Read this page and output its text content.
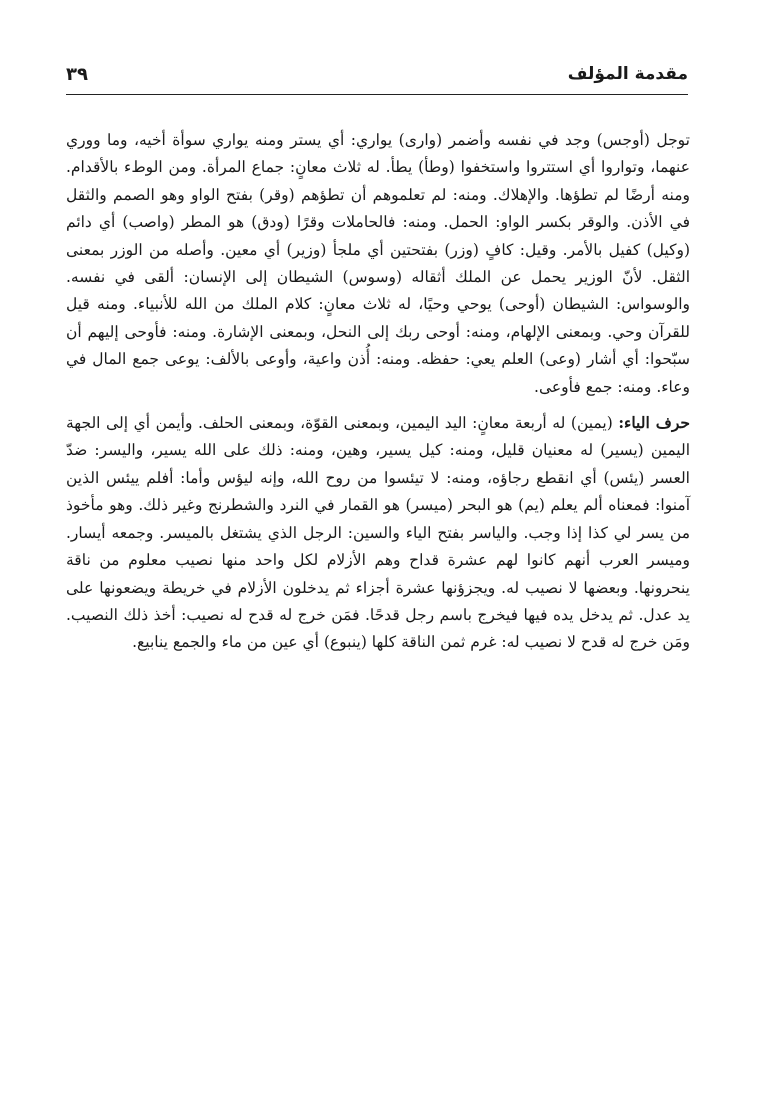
مقدمة المؤلف
٣٩

توجل (أوجس) وجد في نفسه وأضمر (وارى) يواري: أي يستر ومنه يواري سوأة أخيه، وما ووري عنهما، وتواروا أي استتروا واستخفوا (وطأ) يطأ. له ثلاث معانٍ: جماع المرأة. ومن الوطء بالأقدام. ومنه أرضًا لم تطؤها. والإهلاك. ومنه: لم تعلموهم أن تطؤهم (وقر) بفتح الواو وهو الصمم والثقل في الأذن. والوقر بكسر الواو: الحمل. ومنه: فالحاملات وقرًا (ودق) هو المطر (واصب) أي دائم (وكيل) كفيل بالأمر. وقيل: كافٍ (وزر) بفتحتين أي ملجأ (وزير) أي معين. وأصله من الوزر بمعنى الثقل. لأنّ الوزير يحمل عن الملك أثقاله (وسوس) الشيطان إلى الإنسان: ألقى في نفسه. والوسواس: الشيطان (أوحى) يوحي وحيًا، له ثلاث معانٍ: كلام الملك من الله للأنبياء. ومنه قيل للقرآن وحي. وبمعنى الإلهام، ومنه: أوحى ربك إلى النحل، وبمعنى الإشارة. ومنه: فأوحى إليهم أن سبّحوا: أي أشار (وعى) العلم يعي: حفظه. ومنه: أُذن واعية، وأوعى بالألف: يوعى جمع المال في وعاء. ومنه: جمع فأوعى.

حرف الياء: (يمين) له أربعة معانٍ: اليد اليمين، وبمعنى القوّة، وبمعنى الحلف. وأيمن أي إلى الجهة اليمين (يسير) له معنيان قليل، ومنه: كيل يسير، وهين، ومنه: ذلك على الله يسير، واليسر: ضدّ العسر (يئس) أي انقطع رجاؤه، ومنه: لا تيئسوا من روح الله، وإنه ليؤس وأما: أفلم ييئس الذين آمنوا: فمعناه ألم يعلم (يم) هو البحر (ميسر) هو القمار في النرد والشطرنج وغير ذلك. وهو مأخوذ من يسر لي كذا إذا وجب. والياسر بفتح الياء والسين: الرجل الذي يشتغل بالميسر. وجمعه أيسار. وميسر العرب أنهم كانوا لهم عشرة قداح وهم الأزلام لكل واحد منها نصيب معلوم من ناقة ينحرونها. وبعضها لا نصيب له. ويجزؤنها عشرة أجزاء ثم يدخلون الأزلام في خريطة ويضعونها على يد عدل. ثم يدخل يده فيها فيخرج باسم رجل قدحًا. فمَن خرج له قدح له نصيب: أخذ ذلك النصيب. ومَن خرج له قدح لا نصيب له: غرم ثمن الناقة كلها (ينبوع) أي عين من ماء والجمع ينابيع.
